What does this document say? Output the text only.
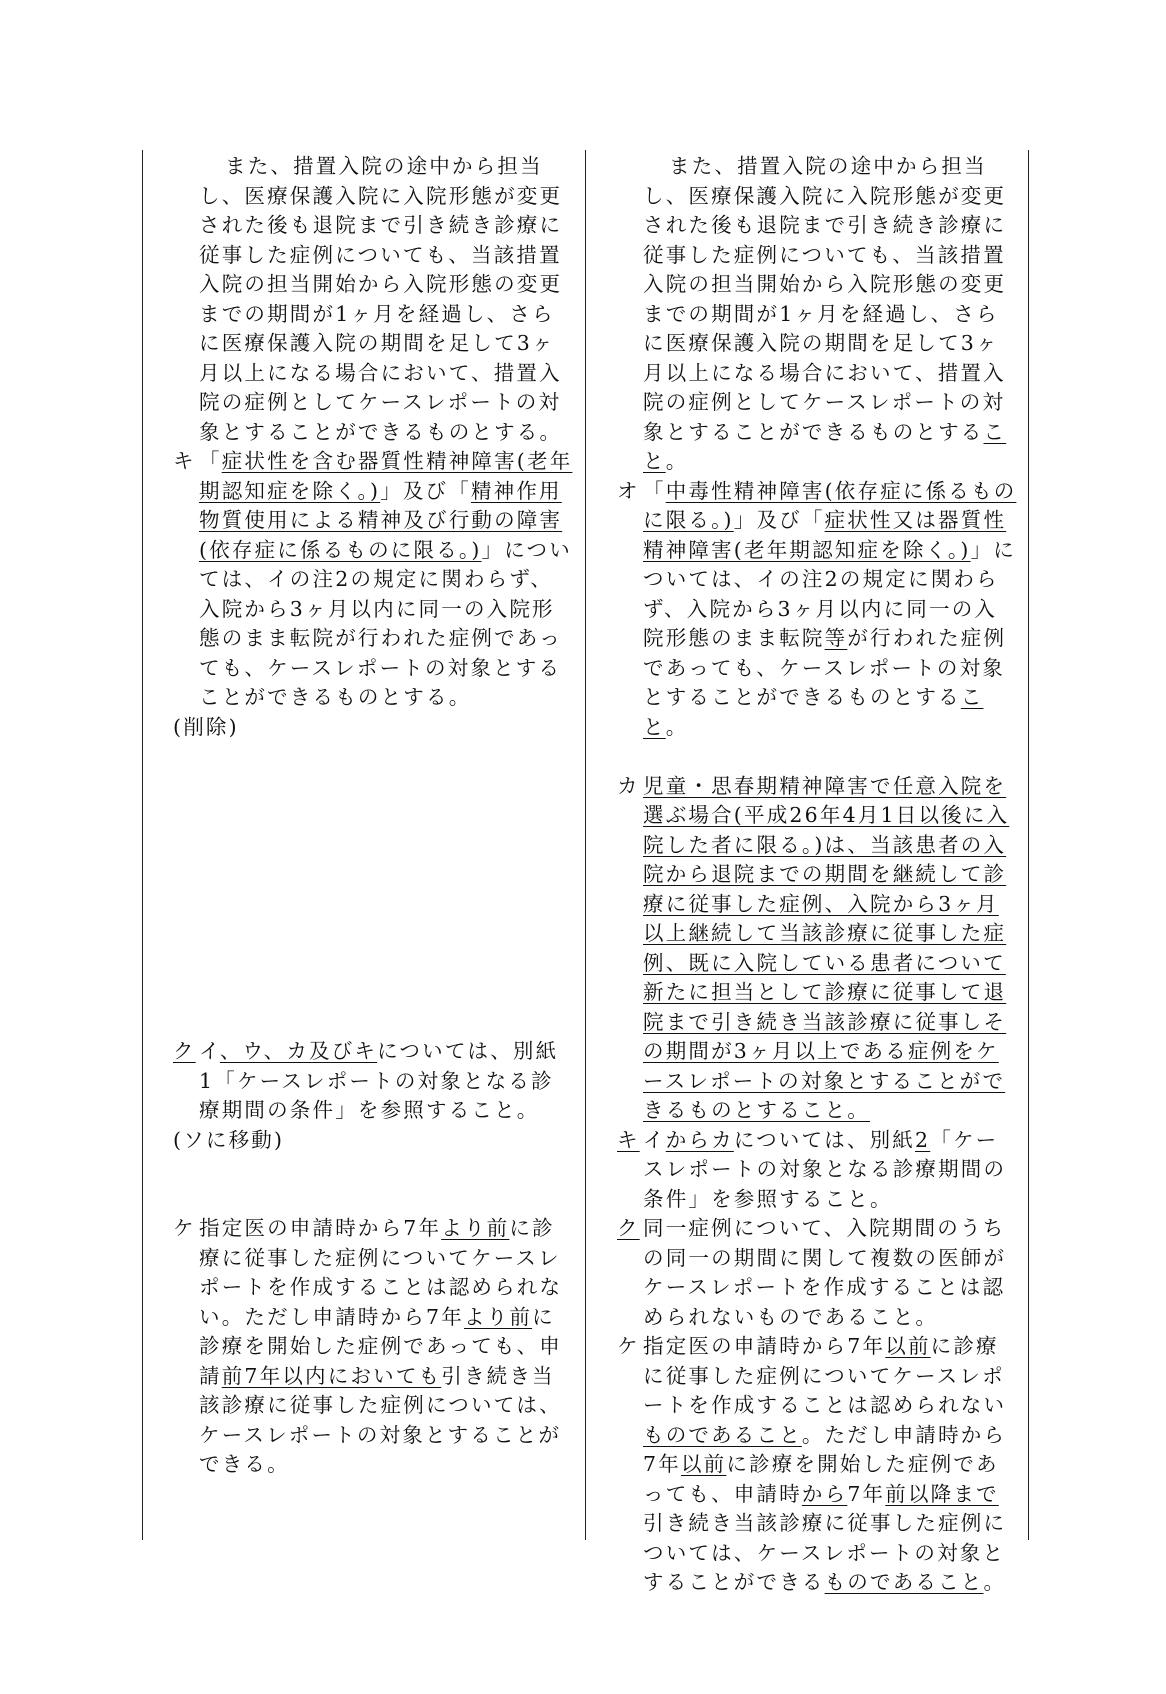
また、措置入院の途中から担当し、医療保護入院に入院形態が変更された後も退院まで引き続き診療に従事した症例についても、当該措置入院の担当開始から入院形態の変更までの期間が1ヶ月を経過し、さらに医療保護入院の期間を足して3ヶ月以上になる場合において、措置入院の症例としてケースレポートの対象とすることができるものとする。

キ 「症状性を含む器質性精神障害(老年期認知症を除く。)」及び「精神作用物質使用による精神及び行動の障害(依存症に係るものに限る。)」については、イの注2の規定に関わらず、入院から3ヶ月以内に同一の入院形態のまま転院が行われた症例であっても、ケースレポートの対象とすることができるものとする。

(削除)

ク イ、ウ、カ及びキについては、別紙1「ケースレポートの対象となる診療期間の条件」を参照すること。

(ソに移動)

ケ 指定医の申請時から7年より前に診療に従事した症例についてケースレポートを作成することは認められない。ただし申請時から7年より前に診療を開始した症例であっても、申請前7年以内においても引き続き当該診療に従事した症例については、ケースレポートの対象とすることができる。

また、措置入院の途中から担当し、医療保護入院に入院形態が変更された後も退院まで引き続き診療に従事した症例についても、当該措置入院の担当開始から入院形態の変更までの期間が1ヶ月を経過し、さらに医療保護入院の期間を足して3ヶ月以上になる場合において、措置入院の症例としてケースレポートの対象とすることができるものとすること。

オ 「中毒性精神障害(依存症に係るものに限る。)」及び「症状性又は器質性精神障害(老年期認知症を除く。)」については、イの注2の規定に関わらず、入院から3ヶ月以内に同一の入院形態のまま転院等が行われた症例であっても、ケースレポートの対象とすることができるものとすること。

カ 児童・思春期精神障害で任意入院を選ぶ場合(平成26年4月1日以後に入院した者に限る。)は、当該患者の入院から退院までの期間を継続して診療に従事した症例、入院から3ヶ月以上継続して当該診療に従事した症例、既に入院している患者について新たに担当として診療に従事して退院まで引き続き当該診療に従事しその期間が3ヶ月以上である症例をケースレポートの対象とすることができるものとすること。

キ イからカについては、別紙2「ケースレポートの対象となる診療期間の条件」を参照すること。

ク 同一症例について、入院期間のうちの同一の期間に関して複数の医師がケースレポートを作成することは認められないものであること。

ケ 指定医の申請時から7年以前に診療に従事した症例についてケースレポートを作成することは認められないものであること。ただし申請時から7年以前に診療を開始した症例であっても、申請時から7年前以降まで引き続き当該診療に従事した症例については、ケースレポートの対象とすることができるものであること。
